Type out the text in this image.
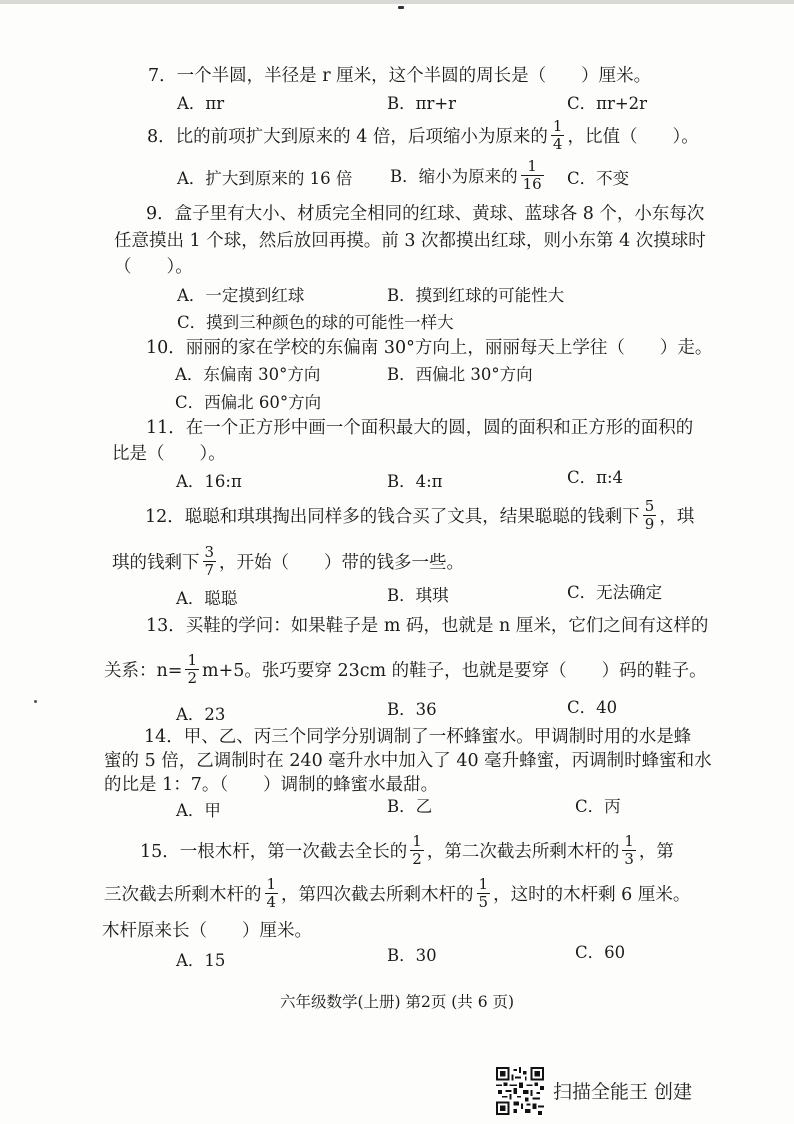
7．一个半圆，半径是 r 厘米，这个半圆的周长是（　　）厘米。
A．πr	B．πr+r	C．πr+2r
8．比的前项扩大到原来的 4 倍，后项缩小为原来的 $\frac{1}{4}$ ，比值（　　）。
A．扩大到原来的 16 倍 B．缩小为原来的 $\frac{1}{16}$ C．不变
9．盒子里有大小、材质完全相同的红球、黄球、蓝球各 8 个，小东每次
任意摸出 1 个球，然后放回再摸。前 3 次都摸出红球，则小东第 4 次摸球时
（　　）。
A．一定摸到红球	B．摸到红球的可能性大
C．摸到三种颜色的球的可能性一样大
10．丽丽的家在学校的东偏南 30°方向上，丽丽每天上学往（　　）走。
A．东偏南 30°方向	B．西偏北 30°方向
C．西偏北 60°方向
11．在一个正方形中画一个面积最大的圆，圆的面积和正方形的面积的
比是（　　）。
A．16:π	B．4:π	C．π:4
12．聪聪和琪琪掏出同样多的钱合买了文具，结果聪聪的钱剩下 $\frac{5}{9}$ ，琪
琪的钱剩下 $\frac{3}{7}$ ，开始（　　）带的钱多一些。
A．聪聪	B．琪琪	C．无法确定
13．买鞋的学问：如果鞋子是 m 码，也就是 n 厘米，它们之间有这样的
关系：$n= \frac{1}{2} m+5$。张巧要穿 23cm 的鞋子，也就是要穿（　　）码的鞋子。
A．23	B．36	C．40
14．甲、乙、丙三个同学分别调制了一杯蜂蜜水。甲调制时用的水是蜂
蜜的 5 倍，乙调制时在 240 毫升水中加入了 40 毫升蜂蜜，丙调制时蜂蜜和水
的比是 1：7。（　　）调制的蜂蜜水最甜。
A．甲	B．乙	C．丙
15．一根木杆，第一次截去全长的 $\frac{1}{2}$ ，第二次截去所剩木杆的 $\frac{1}{3}$ ，第
三次截去所剩木杆的 $\frac{1}{4}$ ，第四次截去所剩木杆的 $\frac{1}{5}$ ，这时的木杆剩 6 厘米。
木杆原来长（　　）厘米。
A．15	B．30	C．60
六年级数学(上册) 第2页 (共 6 页)
扫描全能王 创建
